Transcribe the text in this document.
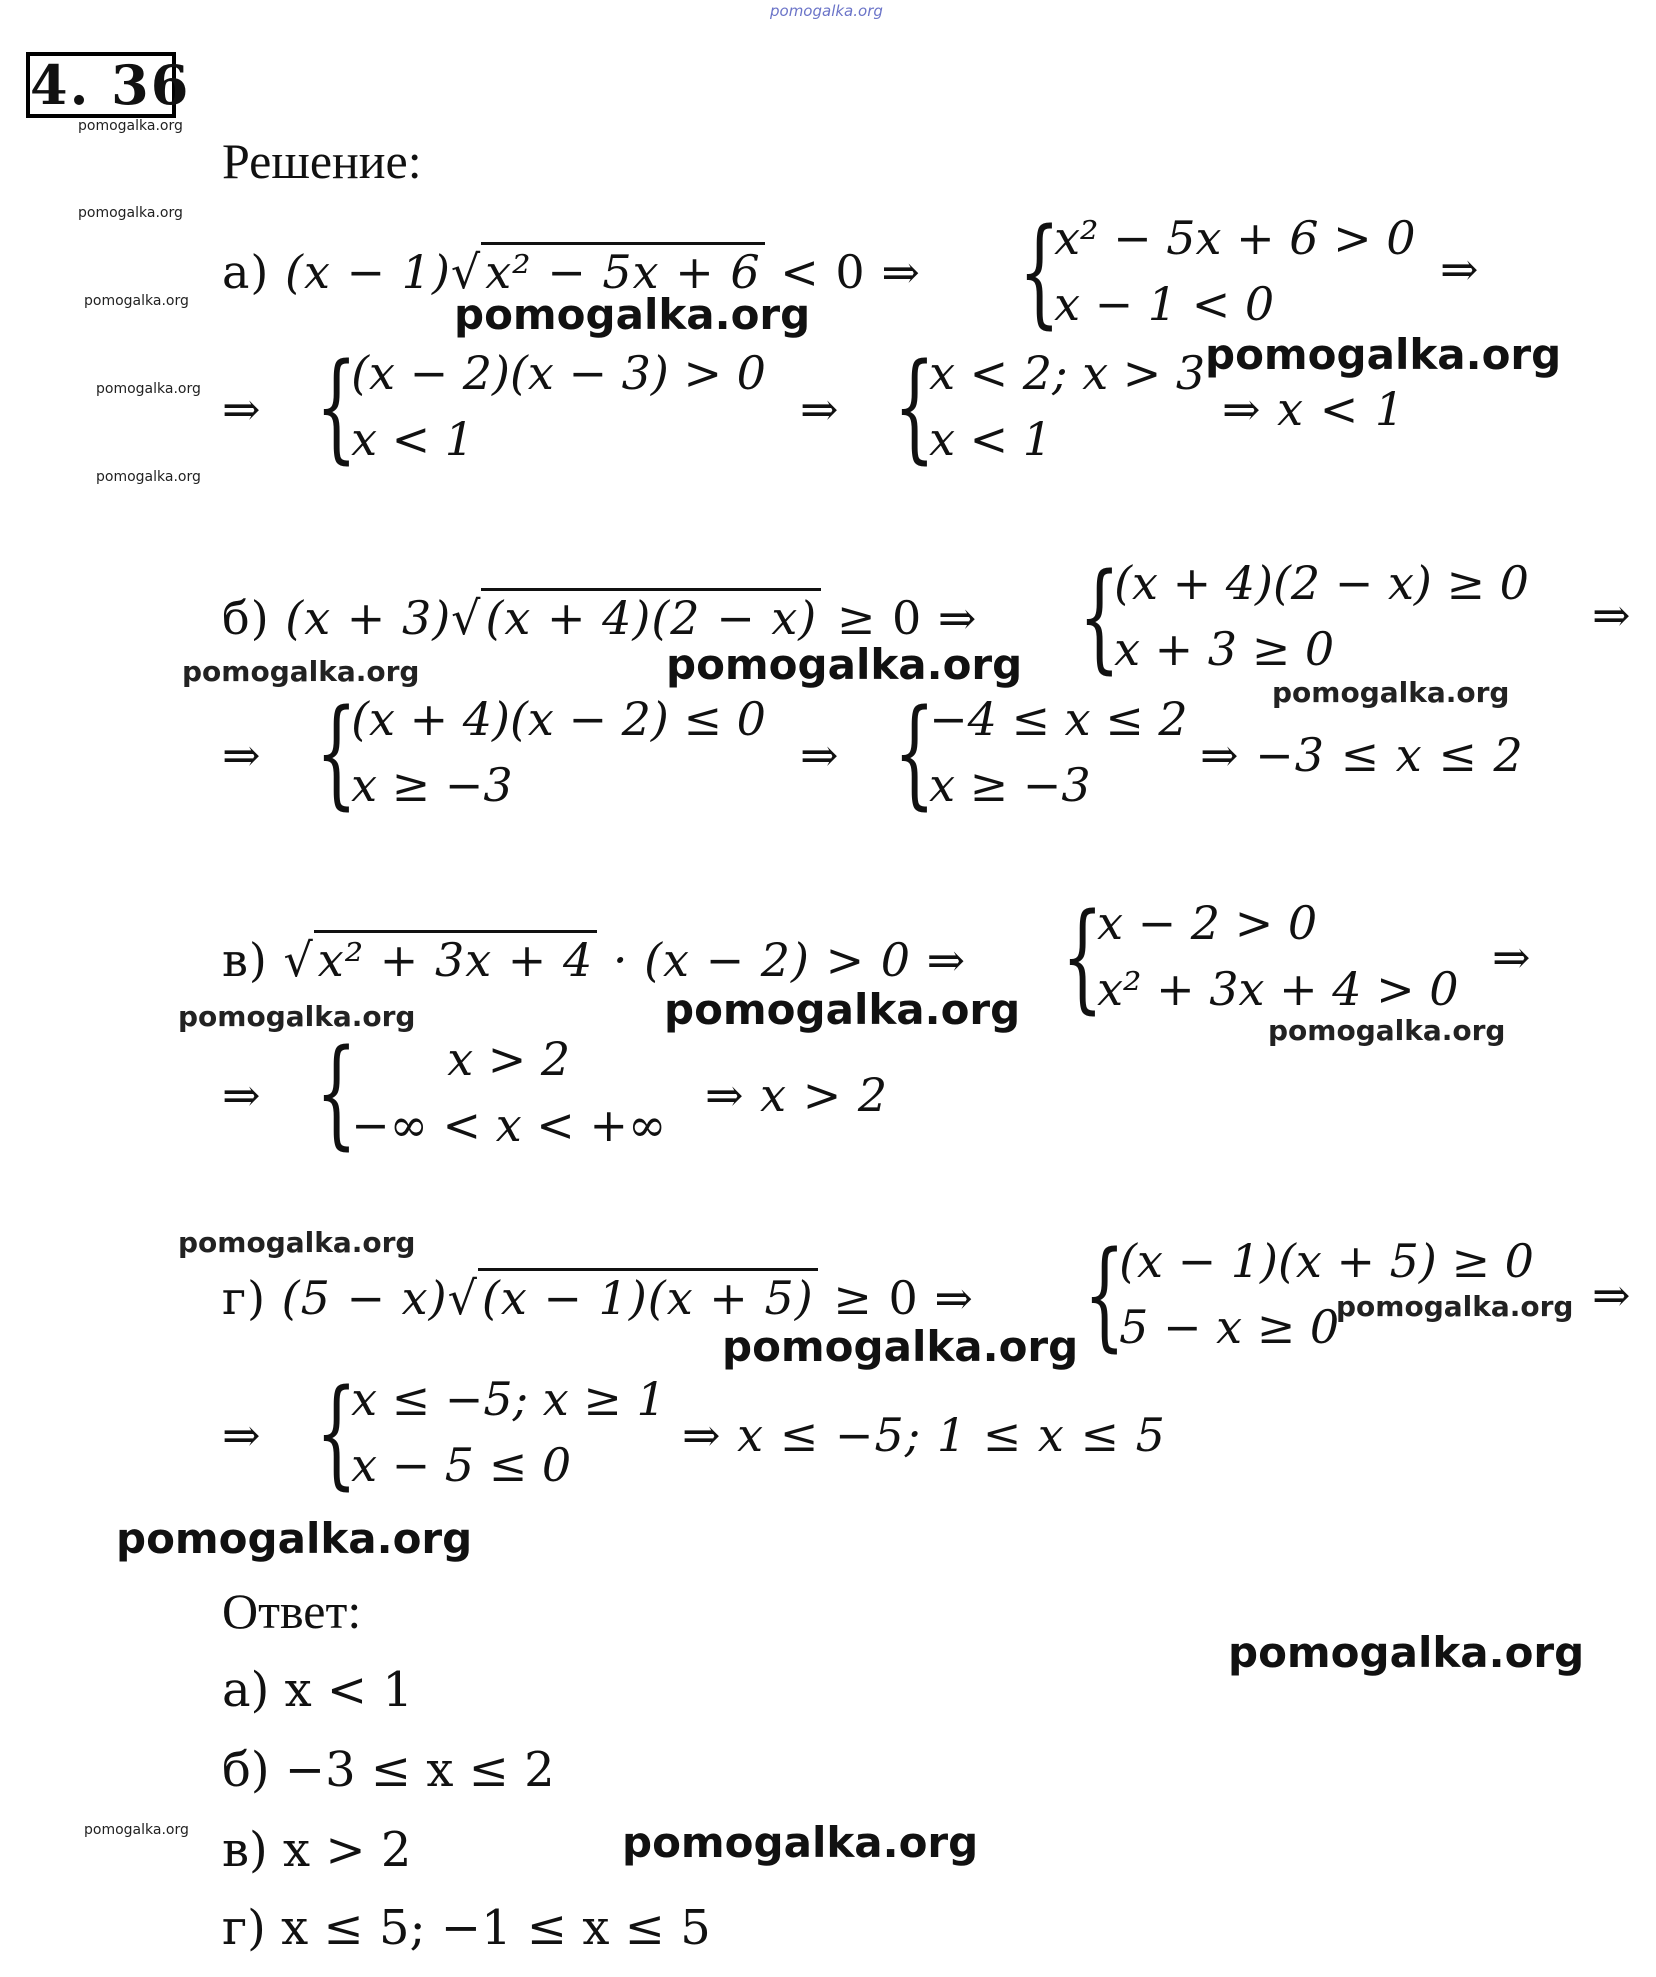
pomogalka.org
4. 36
Решение:
а) (x − 1)√ x² − 5x + 6 < 0 ⇒ {
x² − 5x + 6 > 0
x − 1 < 0
⇒
⇒ {
(x − 2)(x − 3) > 0
x < 1
⇒ {
x < 2; x > 3
x < 1
⇒ x < 1
б) (x + 3)√ (x + 4)(2 − x) ≥ 0 ⇒ {
(x + 4)(2 − x) ≥ 0
x + 3 ≥ 0
⇒
⇒ {
(x + 4)(x − 2) ≤ 0
x ≥ −3
⇒ {
−4 ≤ x ≤ 2
x ≥ −3
⇒ −3 ≤ x ≤ 2
в) √ x² + 3x + 4 · (x − 2) > 0 ⇒ {
x − 2 > 0
x² + 3x + 4 > 0
⇒
⇒ {	x > 2
−∞ < x < +∞
⇒ x > 2
г) (5 − x)√ (x − 1)(x + 5) ≥ 0 ⇒ {
(x − 1)(x + 5) ≥ 0
5 − x ≥ 0
⇒
⇒ {
x ≤ −5; x ≥ 1
x − 5 ≤ 0
⇒ x ≤ −5; 1 ≤ x ≤ 5
Ответ:
а) x < 1
б) −3 ≤ x ≤ 2
в) x > 2
г) x ≤ 5; −1 ≤ x ≤ 5
pomogalka.org
pomogalka.org
pomogalka.org
pomogalka.org
pomogalka.org
pomogalka.org
pomogalka.org
pomogalka.org
pomogalka.org	pomogalka.org
pomogalka.org
pomogalka.org	pomogalka.org	pomogalka.org
pomogalka.org
pomogalka.org
pomogalka.org
pomogalka.org
pomogalka.org
pomogalka.org
